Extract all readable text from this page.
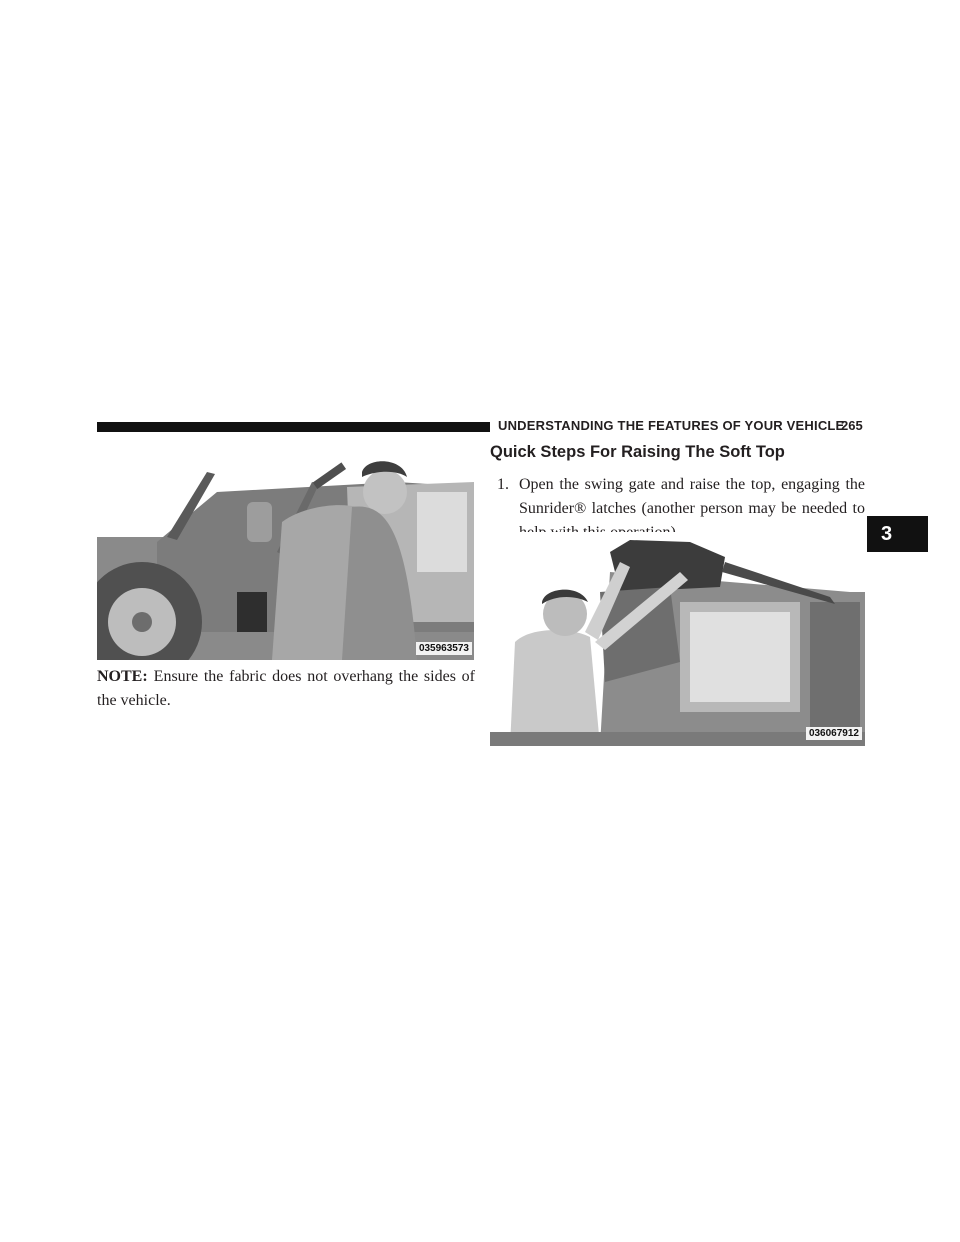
UNDERSTANDING THE FEATURES OF YOUR VEHICLE
265
3
035963573
NOTE: Ensure the fabric does not overhang the sides of the vehicle.
Quick Steps For Raising The Soft Top
1. Open the swing gate and raise the top, engaging the Sunrider® latches (another person may be needed to
036067912
